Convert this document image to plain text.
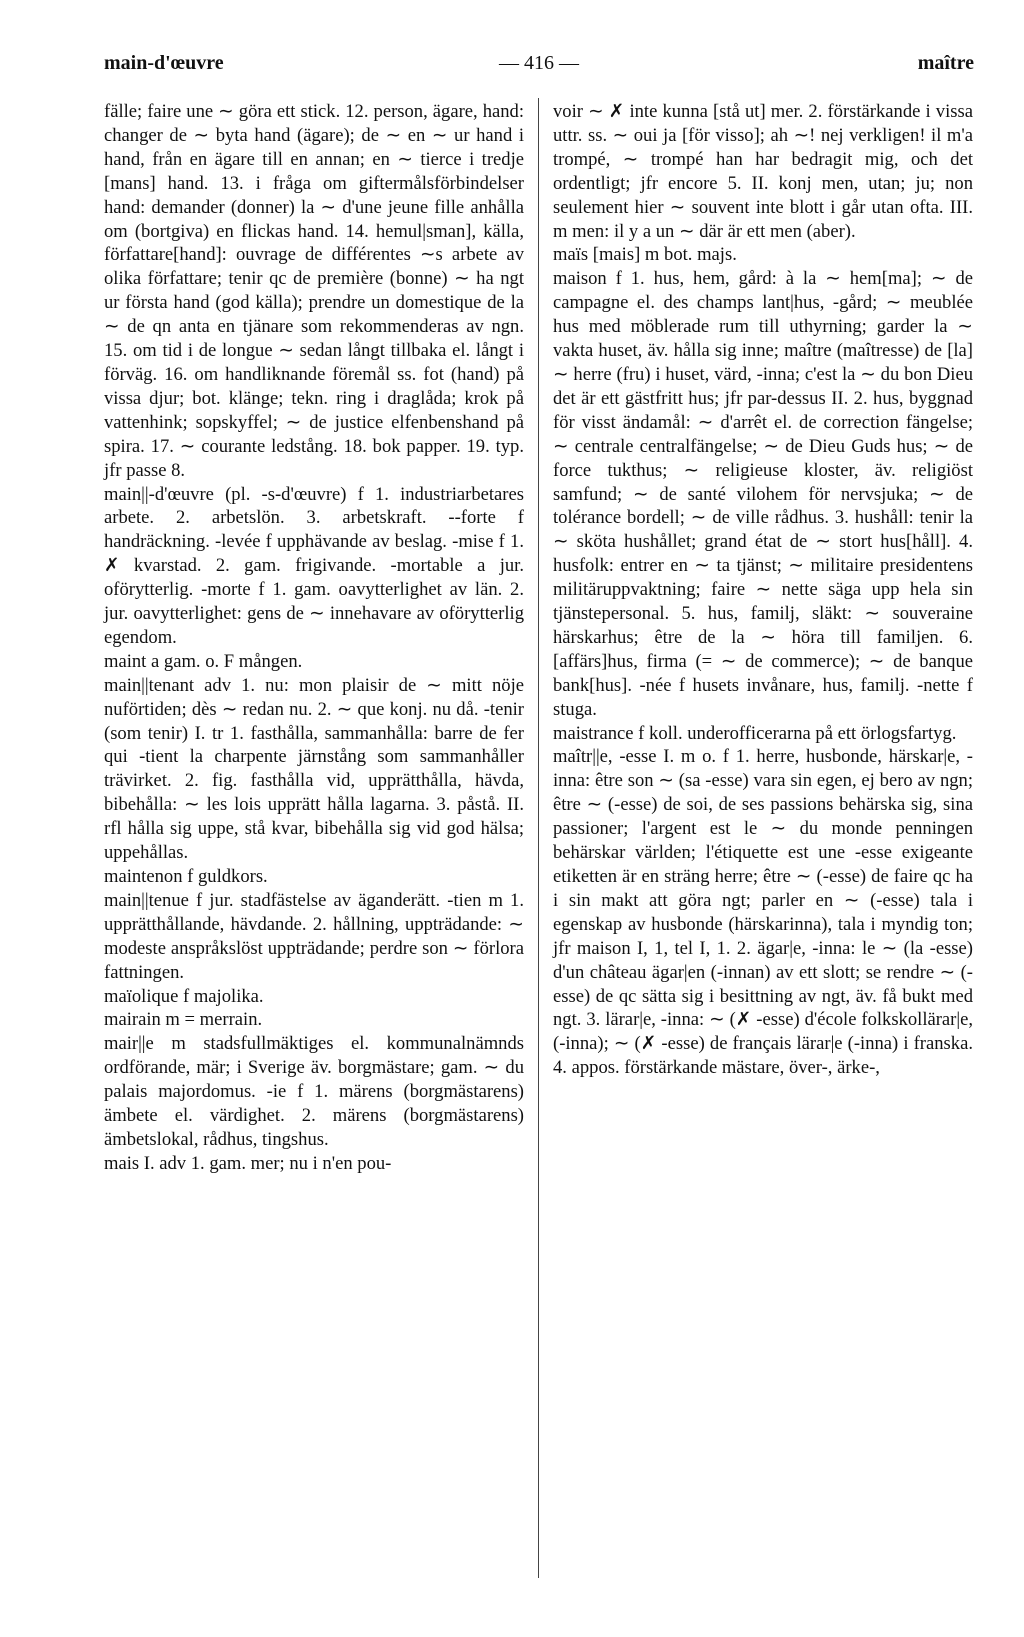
main-d'œuvre	— 416 —	maître

fälle; faire une ∼ göra ett stick. 12. person, ägare, hand: changer de ∼ byta hand (ägare); de ∼ en ∼ ur hand i hand, från en ägare till en annan; en ∼ tierce i tredje [mans] hand. 13. i fråga om giftermålsförbindelser hand: demander (donner) la ∼ d'une jeune fille anhålla om (bortgiva) en flickas hand. 14. hemul|sman], källa, författare[hand]: ouvrage de différentes ∼s arbete av olika författare; tenir qc de première (bonne) ∼ ha ngt ur första hand (god källa); prendre un domestique de la ∼ de qn anta en tjänare som rekommenderas av ngn. 15. om tid i de longue ∼ sedan långt tillbaka el. långt i förväg. 16. om handliknande föremål ss. fot (hand) på vissa djur; bot. klänge; tekn. ring i draglåda; krok på vattenhink; sopskyffel; ∼ de justice elfenbenshand på spira. 17. ∼ courante ledstång. 18. bok papper. 19. typ. jfr passe 8.

main||-d'œuvre (pl. -s-d'œuvre) f 1. industriarbetares arbete. 2. arbetslön. 3. arbetskraft. --forte f handräckning. -levée f upphävande av beslag. -mise f 1. ✗ kvarstad. 2. gam. frigivande. -mortable a jur. oförytterlig. -morte f 1. gam. oavytterlighet av län. 2. jur. oavytterlighet: gens de ∼ innehavare av oförytterlig egendom.

maint a gam. o. F mången.

main||tenant adv 1. nu: mon plaisir de ∼ mitt nöje nuförtiden; dès ∼ redan nu. 2. ∼ que konj. nu då. -tenir (som tenir) I. tr 1. fasthålla, sammanhålla: barre de fer qui -tient la charpente järnstång som sammanhåller trävirket. 2. fig. fasthålla vid, upprätthålla, hävda, bibehålla: ∼ les lois upprätt hålla lagarna. 3. påstå. II. rfl hålla sig uppe, stå kvar, bibehålla sig vid god hälsa; uppehållas.

maintenon f guldkors.

main||tenue f jur. stadfästelse av äganderätt. -tien m 1. upprätthållande, hävdande. 2. hållning, uppträdande: ∼ modeste anspråkslöst uppträdande; perdre son ∼ förlora fattningen.

maïolique f majolika.

mairain m = merrain.

mair||e m stadsfullmäktiges el. kommunalnämnds ordförande, mär; i Sverige äv. borgmästare; gam. ∼ du palais majordomus. -ie f 1. märens (borgmästarens) ämbete el. värdighet. 2. märens (borgmästarens) ämbetslokal, rådhus, tingshus.

mais I. adv 1. gam. mer; nu i n'en pou-

voir ∼ ✗ inte kunna [stå ut] mer. 2. förstärkande i vissa uttr. ss. ∼ oui ja [för visso]; ah ∼! nej verkligen! il m'a trompé, ∼ trompé han har bedragit mig, och det ordentligt; jfr encore 5. II. konj men, utan; ju; non seulement hier ∼ souvent inte blott i går utan ofta. III. m men: il y a un ∼ där är ett men (aber).

maïs [mais] m bot. majs.

maison f 1. hus, hem, gård: à la ∼ hem[ma]; ∼ de campagne el. des champs lant|hus, -gård; ∼ meublée hus med möblerade rum till uthyrning; garder la ∼ vakta huset, äv. hålla sig inne; maître (maîtresse) de [la] ∼ herre (fru) i huset, värd, -inna; c'est la ∼ du bon Dieu det är ett gästfritt hus; jfr par-dessus II. 2. hus, byggnad för visst ändamål: ∼ d'arrêt el. de correction fängelse; ∼ centrale centralfängelse; ∼ de Dieu Guds hus; ∼ de force tukthus; ∼ religieuse kloster, äv. religiöst samfund; ∼ de santé vilohem för nervsjuka; ∼ de tolérance bordell; ∼ de ville rådhus. 3. hushåll: tenir la ∼ sköta hushållet; grand état de ∼ stort hus[håll]. 4. husfolk: entrer en ∼ ta tjänst; ∼ militaire presidentens militäruppvaktning; faire ∼ nette säga upp hela sin tjänstepersonal. 5. hus, familj, släkt: ∼ souveraine härskarhus; être de la ∼ höra till familjen. 6. [affärs]hus, firma (= ∼ de commerce); ∼ de banque bank[hus]. -née f husets invånare, hus, familj. -nette f stuga.

maistrance f koll. underofficerarna på ett örlogsfartyg.

maîtr||e, -esse I. m o. f 1. herre, husbonde, härskar|e, -inna: être son ∼ (sa -esse) vara sin egen, ej bero av ngn; être ∼ (-esse) de soi, de ses passions behärska sig, sina passioner; l'argent est le ∼ du monde penningen behärskar världen; l'étiquette est une -esse exigeante etiketten är en sträng herre; être ∼ (-esse) de faire qc ha i sin makt att göra ngt; parler en ∼ (-esse) tala i egenskap av husbonde (härskarinna), tala i myndig ton; jfr maison I, 1, tel I, 1. 2. ägar|e, -inna: le ∼ (la -esse) d'un château ägar|en (-innan) av ett slott; se rendre ∼ (-esse) de qc sätta sig i besittning av ngt, äv. få bukt med ngt. 3. lärar|e, -inna: ∼ (✗ -esse) d'école folkskollärar|e, (-inna); ∼ (✗ -esse) de français lärar|e (-inna) i franska. 4. appos. förstärkande mästare, över-, ärke-,
